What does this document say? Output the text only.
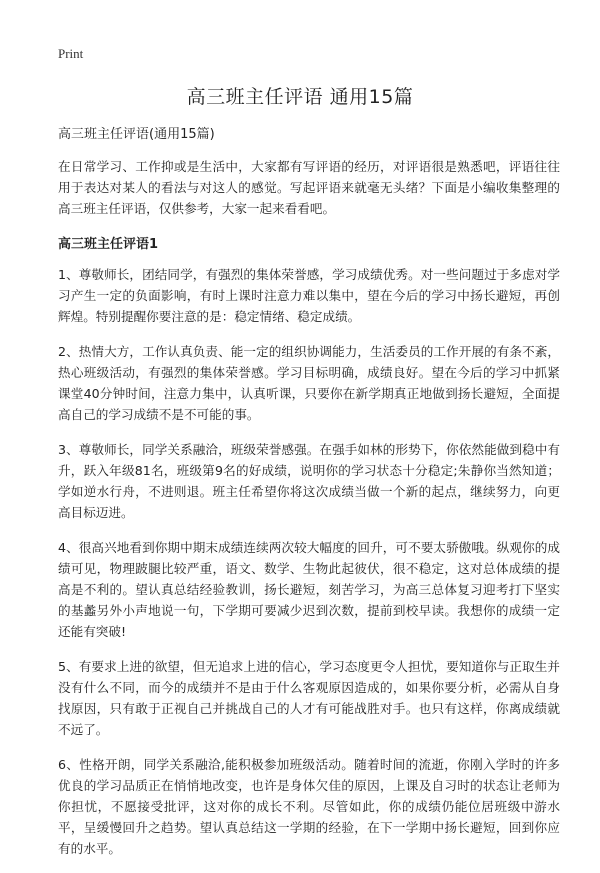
Print
高三班主任评语 通用15篇
高三班主任评语(通用15篇)

在日常学习、工作抑或是生活中，大家都有写评语的经历，对评语很是熟悉吧，评语往往用于表达对某人的看法与对这人的感觉。写起评语来就毫无头绪？下面是小编收集整理的高三班主任评语，仅供参考，大家一起来看看吧。

高三班主任评语1

1、尊敬师长，团结同学，有强烈的集体荣誉感，学习成绩优秀。对一些问题过于多虑对学习产生一定的负面影响，有时上课时注意力难以集中，望在今后的学习中扬长避短，再创辉煌。特别提醒你要注意的是：稳定情绪、稳定成绩。

2、热情大方，工作认真负责、能一定的组织协调能力，生活委员的工作开展的有条不紊，热心班级活动，有强烈的集体荣誉感。学习目标明确，成绩良好。望在今后的学习中抓紧课堂40分钟时间，注意力集中，认真听课，只要你在新学期真正地做到扬长避短，全面提高自己的学习成绩不是不可能的事。

3、尊敬师长，同学关系融洽，班级荣誉感强。在强手如林的形势下，你依然能做到稳中有升，跃入年级81名，班级第9名的好成绩，说明你的学习状态十分稳定;朱静你当然知道；学如逆水行舟，不进则退。班主任希望你将这次成绩当做一个新的起点，继续努力，向更高目标迈进。

4、很高兴地看到你期中期末成绩连续两次较大幅度的回升，可不要太骄傲哦。纵观你的成绩可见，物理跛腿比较严重，语文、数学、生物此起彼伏，很不稳定，这对总体成绩的提高是不利的。望认真总结经验教训，扬长避短，刻苦学习，为高三总体复习迎考打下坚实的基蠡另外小声地说一句，下学期可要减少迟到次数，提前到校早读。我想你的成绩一定还能有突破!

5、有要求上进的欲望，但无追求上进的信心，学习态度更令人担忧，要知道你与正取生并没有什么不同，而今的成绩并不是由于什么客观原因造成的，如果你要分析，必需从自身找原因，只有敢于正视自己并挑战自己的人才有可能战胜对手。也只有这样，你离成绩就不远了。

6、性格开朗，同学关系融洽,能积极参加班级活动。随着时间的流逝，你刚入学时的许多优良的学习品质正在悄悄地改变，也许是身体欠佳的原因，上课及自习时的状态让老师为你担忧，不愿接受批评，这对你的成长不利。尽管如此，你的成绩仍能位居班级中游水平，呈缓慢回升之趋势。望认真总结这一学期的经验，在下一学期中扬长避短，回到你应有的水平。
